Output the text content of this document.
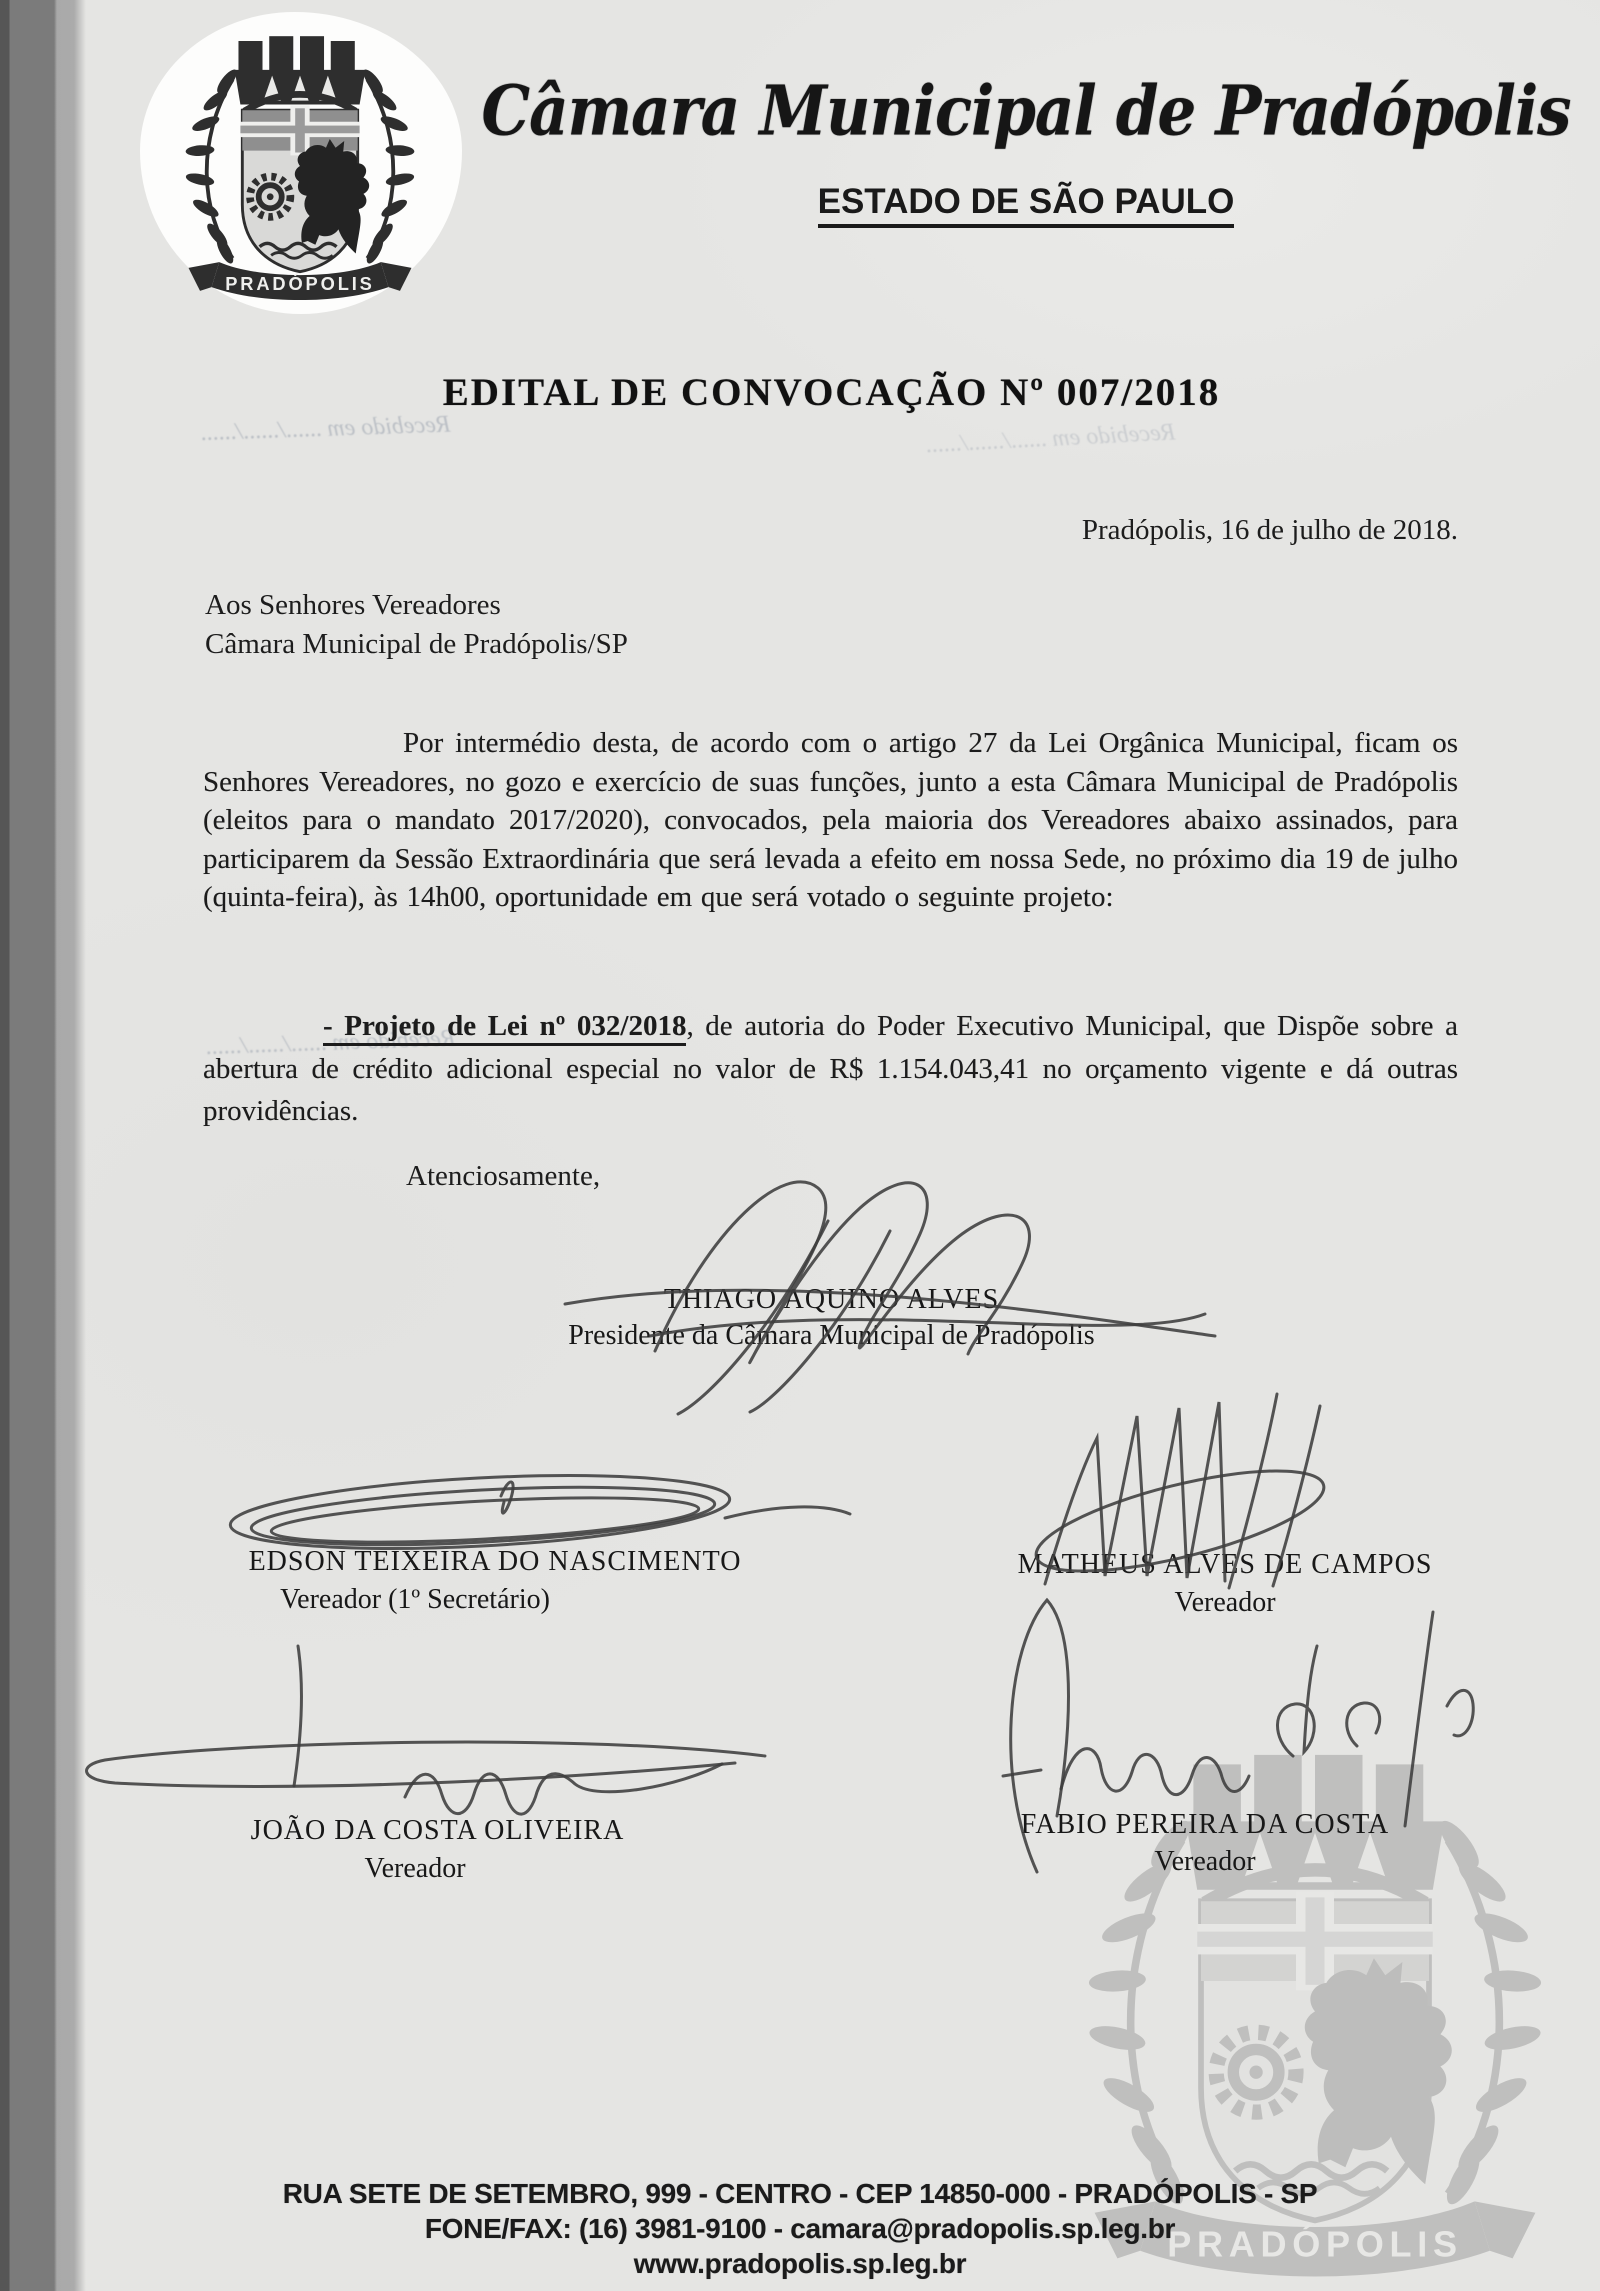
Câmara Municipal de Pradópolis
ESTADO DE SÃO PAULO
EDITAL DE CONVOCAÇÃO Nº 007/2018
Recebido em ....../....../......	Recebido em ....../....../......
Recebido em ....../....../......
Pradópolis, 16 de julho de 2018.
Aos Senhores Vereadores
Câmara Municipal de Pradópolis/SP

Por intermédio desta, de acordo com o artigo 27 da Lei Orgânica Municipal, ficam os Senhores Vereadores, no gozo e exercício de suas funções, junto a esta Câmara Municipal de Pradópolis (eleitos para o mandato 2017/2020), convocados, pela maioria dos Vereadores abaixo assinados, para participarem da Sessão Extraordinária que será levada a efeito em nossa Sede, no próximo dia 19 de julho (quinta-feira), às 14h00, oportunidade em que será votado o seguinte projeto:

- Projeto de Lei nº 032/2018, de autoria do Poder Executivo Municipal, que Dispõe sobre a abertura de crédito adicional especial no valor de R$ 1.154.043,41 no orçamento vigente e dá outras providências.

Atenciosamente,
THIAGO AQUINO ALVES
Presidente da Câmara Municipal de Pradópolis
EDSON TEIXEIRA DO NASCIMENTO
Vereador (1º Secretário)
MATHEUS ALVES DE CAMPOS
Vereador
JOÃO DA COSTA OLIVEIRA
Vereador
FABIO PEREIRA DA COSTA
Vereador
RUA SETE DE SETEMBRO, 999 - CENTRO - CEP 14850-000 - PRADÓPOLIS - SP
FONE/FAX: (16) 3981-9100 - camara@pradopolis.sp.leg.br
www.pradopolis.sp.leg.br
